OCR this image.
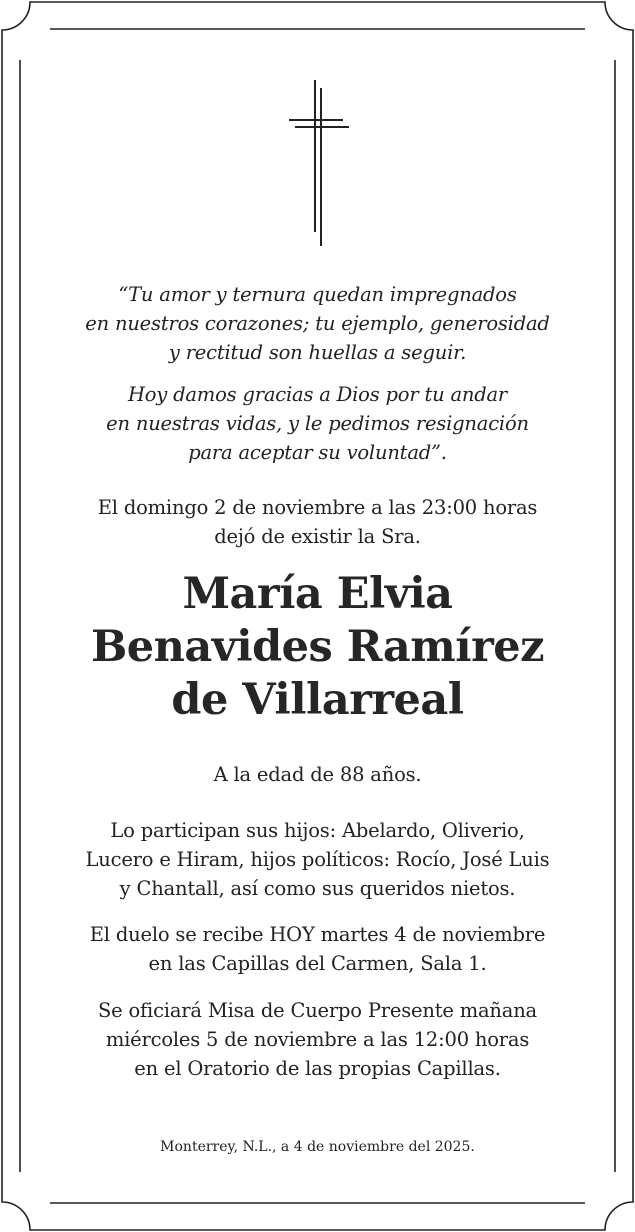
“Tu amor y ternura quedan impregnados
en nuestros corazones; tu ejemplo, generosidad
y rectitud son huellas a seguir.
Hoy damos gracias a Dios por tu andar
en nuestras vidas, y le pedimos resignación
para aceptar su voluntad”.
El domingo 2 de noviembre a las 23:00 horas
dejó de existir la Sra.
María Elvia
Benavides Ramírez
de Villarreal
A la edad de 88 años.
Lo participan sus hijos: Abelardo, Oliverio,
Lucero e Hiram, hijos políticos: Rocío, José Luis
y Chantall, así como sus queridos nietos.
El duelo se recibe HOY martes 4 de noviembre
en las Capillas del Carmen, Sala 1.
Se oficiará Misa de Cuerpo Presente mañana
miércoles 5 de noviembre a las 12:00 horas
en el Oratorio de las propias Capillas.
Monterrey, N.L., a 4 de noviembre del 2025.
